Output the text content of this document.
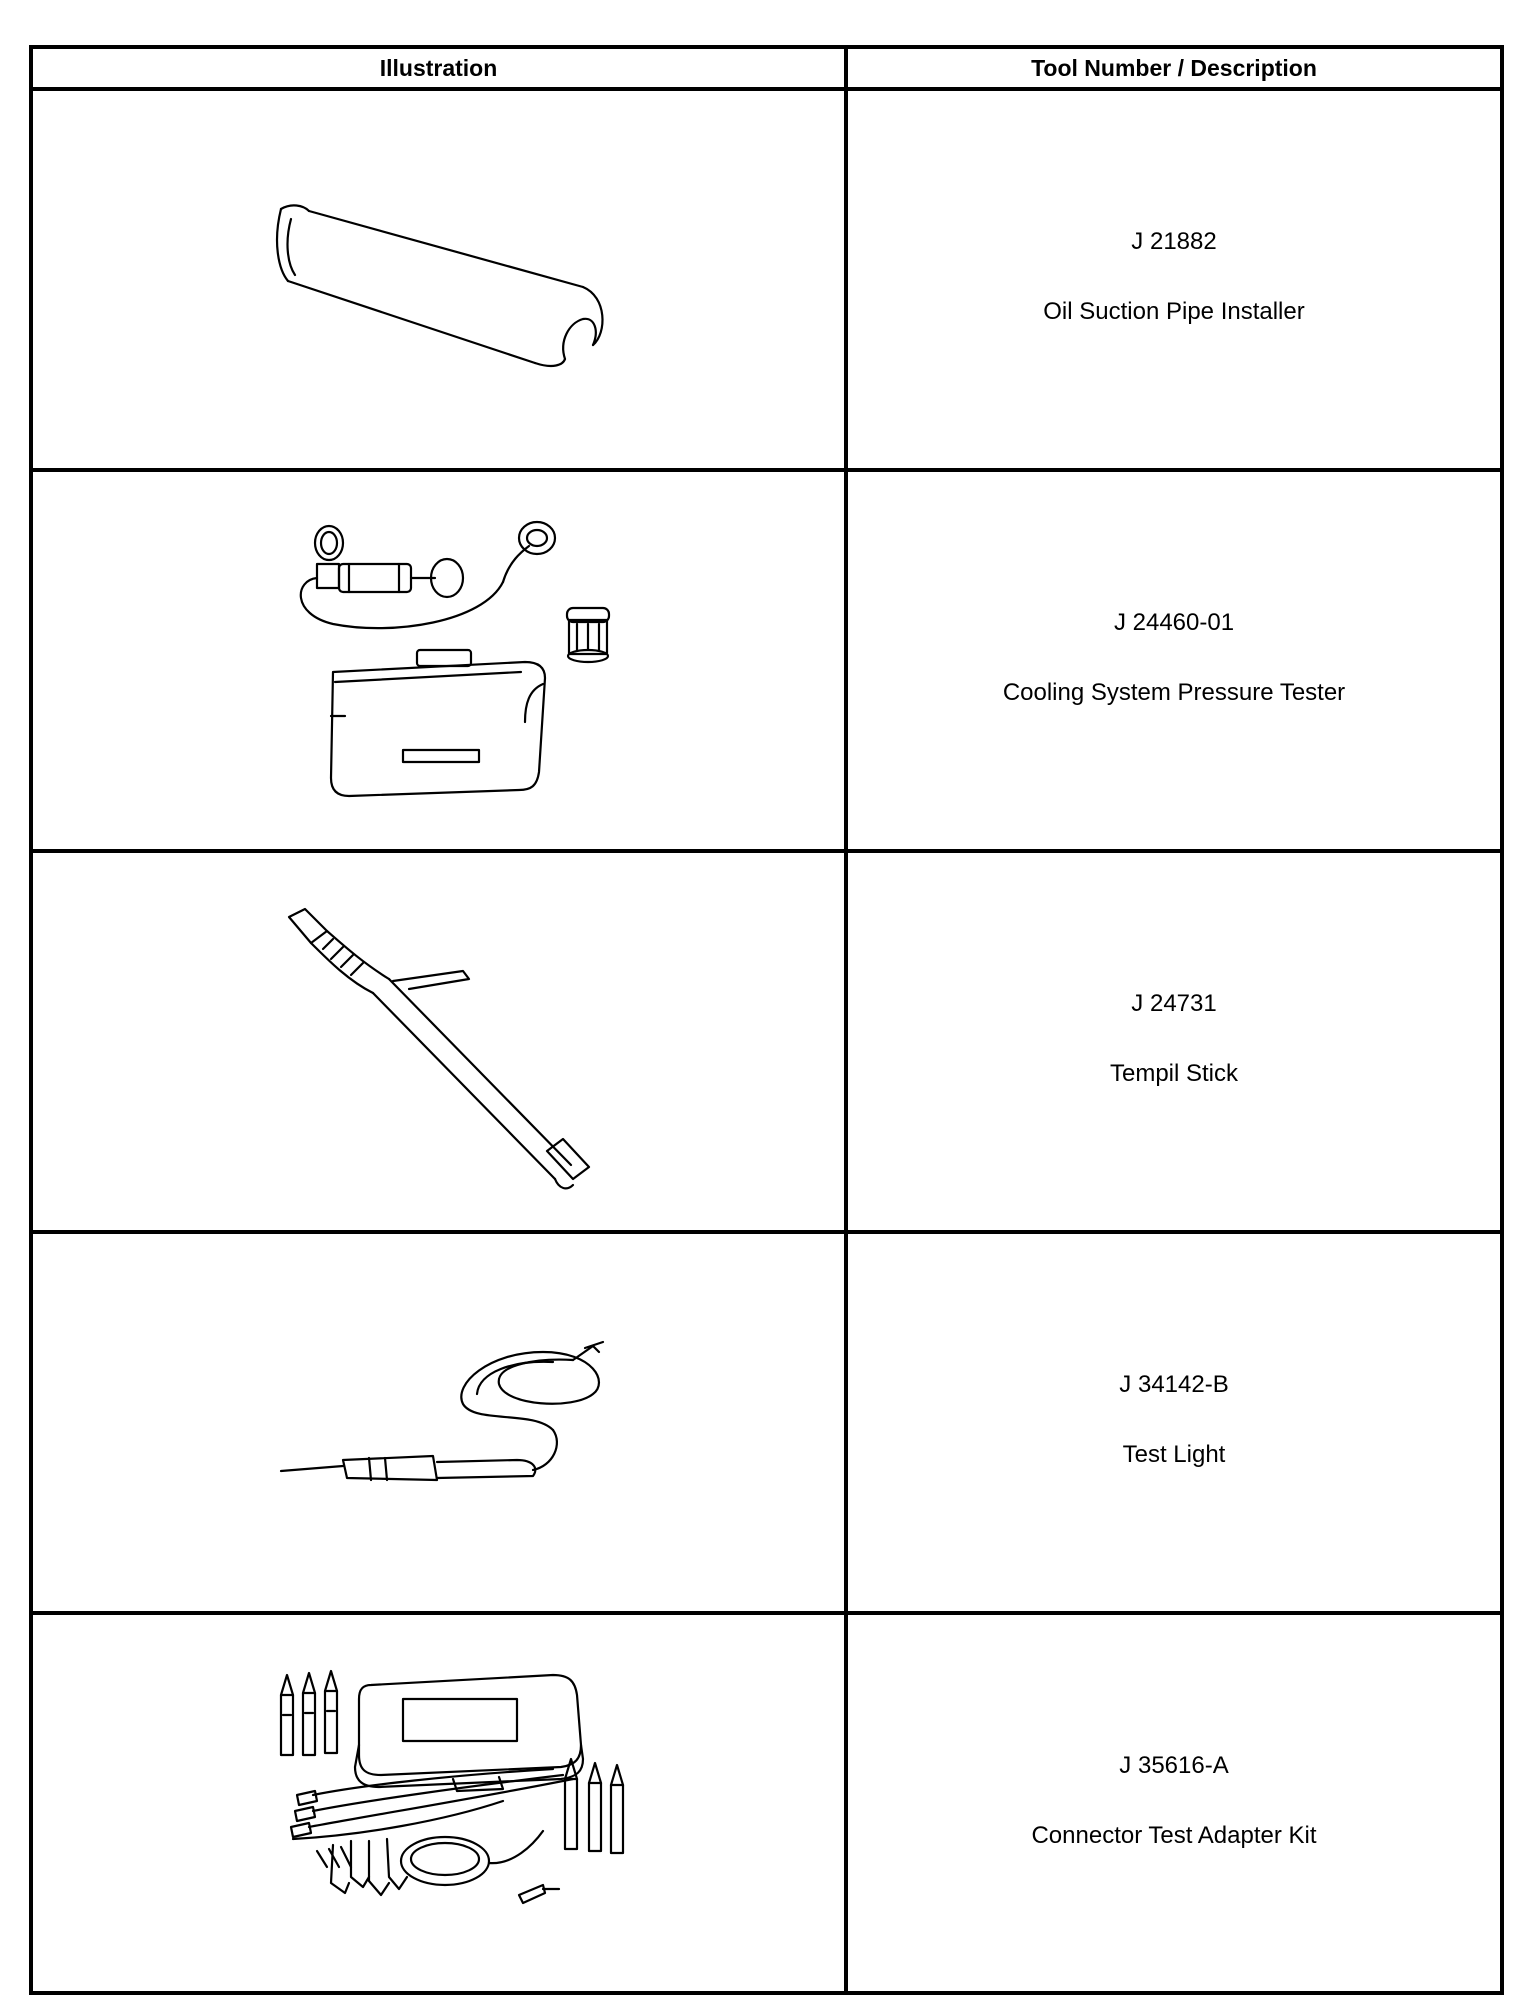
Illustration	Tool Number / Description
J 21882
Oil Suction Pipe Installer
J 24460-01
Cooling System Pressure Tester
J 24731
Tempil Stick
J 34142-B
Test Light
J 35616-A
Connector Test Adapter Kit
